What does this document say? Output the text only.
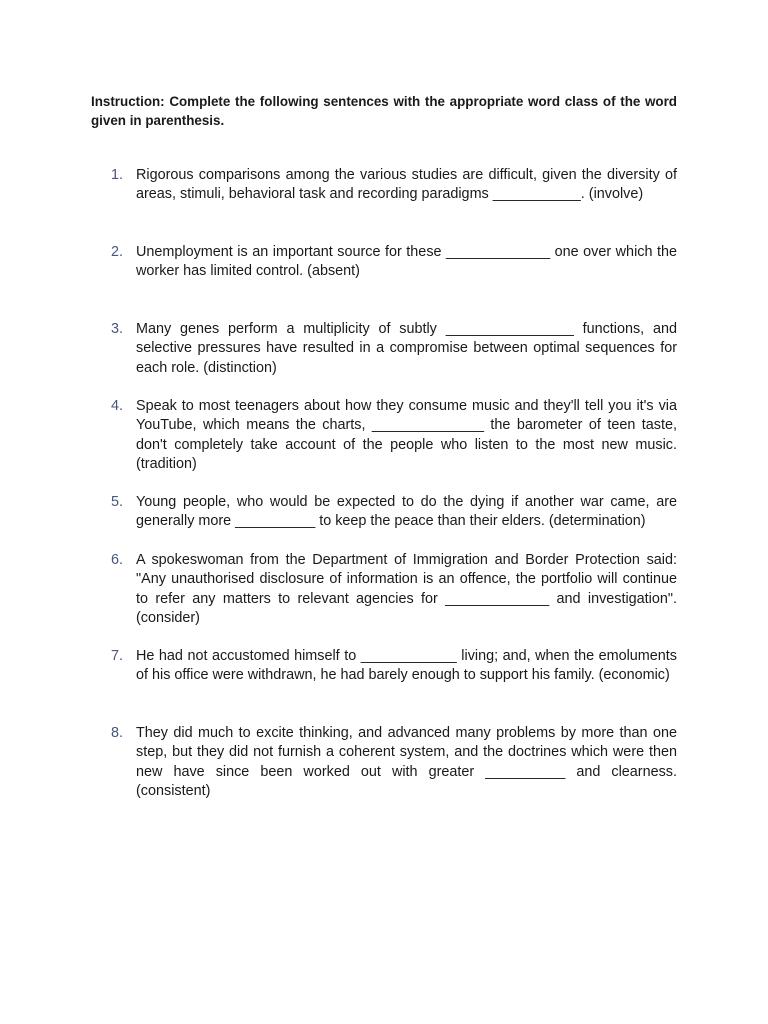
Instruction: Complete the following sentences with the appropriate word class of the word given in parenthesis.

1. Rigorous comparisons among the various studies are difficult, given the diversity of areas, stimuli, behavioral task and recording paradigms ___________. (involve)

2. Unemployment is an important source for these _____________ one over which the worker has limited control. (absent)

3. Many genes perform a multiplicity of subtly ________________ functions, and selective pressures have resulted in a compromise between optimal sequences for each role. (distinction)

4. Speak to most teenagers about how they consume music and they'll tell you it's via YouTube, which means the charts, ______________ the barometer of teen taste, don't completely take account of the people who listen to the most new music. (tradition)

5. Young people, who would be expected to do the dying if another war came, are generally more __________ to keep the peace than their elders. (determination)

6. A spokeswoman from the Department of Immigration and Border Protection said: "Any unauthorised disclosure of information is an offence, the portfolio will continue to refer any matters to relevant agencies for _____________ and investigation". (consider)

7. He had not accustomed himself to ____________ living; and, when the emoluments of his office were withdrawn, he had barely enough to support his family. (economic)

8. They did much to excite thinking, and advanced many problems by more than one step, but they did not furnish a coherent system, and the doctrines which were then new have since been worked out with greater __________ and clearness. (consistent)
